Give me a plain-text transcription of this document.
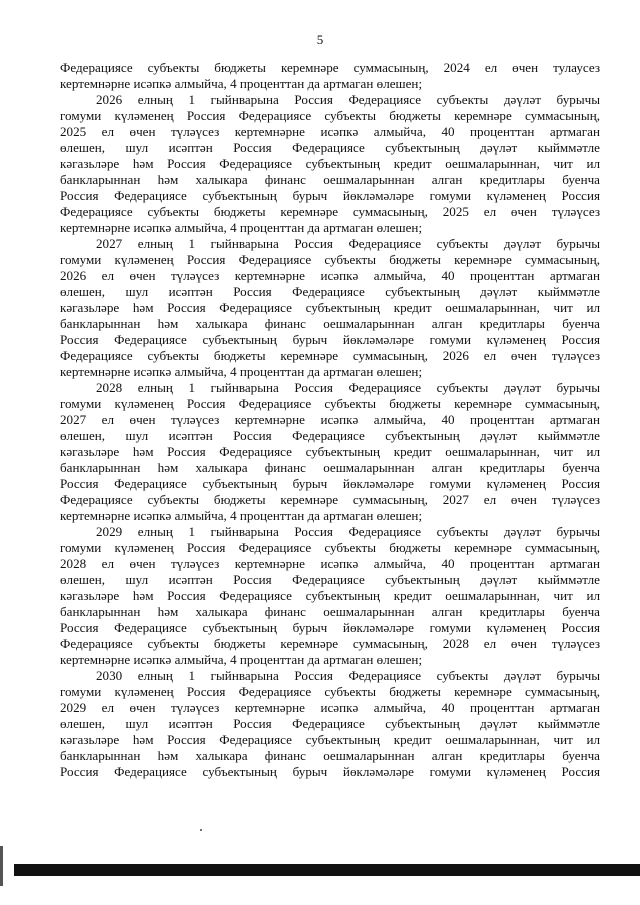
5
Федерациясе субъекты бюджеты керемнәре суммасының, 2024 ел өчен тулаусез
кертемнәрне исәпкә алмыйча, 4 проценттан да артмаган өлешен;
2026 елның 1 гыйнварына Россия Федерациясе субъекты дәүләт бурычы
гомуми күләменең Россия Федерациясе субъекты бюджеты керемнәре суммасының,
2025 ел өчен түләүсез кертемнәрне исәпкә алмыйча, 40 проценттан артмаган
өлешен, шул исәптән Россия Федерациясе субъектының дәүләт кыйммәтле
кәгазьләре һәм Россия Федерациясе субъектының кредит оешмаларыннан, чит ил
банкларыннан һәм халыкара финанс оешмаларыннан алган кредитлары буенча
Россия Федерациясе субъектының бурыч йөкләмәләре гомуми күләменең Россия
Федерациясе субъекты бюджеты керемнәре суммасының, 2025 ел өчен түләүсез
кертемнәрне исәпкә алмыйча, 4 проценттан да артмаган өлешен;
2027 елның 1 гыйнварына Россия Федерациясе субъекты дәүләт бурычы
гомуми күләменең Россия Федерациясе субъекты бюджеты керемнәре суммасының,
2026 ел өчен түләүсез кертемнәрне исәпкә алмыйча, 40 проценттан артмаган
өлешен, шул исәптән Россия Федерациясе субъектының дәүләт кыйммәтле
кәгазьләре һәм Россия Федерациясе субъектының кредит оешмаларыннан, чит ил
банкларыннан һәм халыкара финанс оешмаларыннан алган кредитлары буенча
Россия Федерациясе субъектының бурыч йөкләмәләре гомуми күләменең Россия
Федерациясе субъекты бюджеты керемнәре суммасының, 2026 ел өчен түләүсез
кертемнәрне исәпкә алмыйча, 4 проценттан да артмаган өлешен;
2028 елның 1 гыйнварына Россия Федерациясе субъекты дәүләт бурычы
гомуми күләменең Россия Федерациясе субъекты бюджеты керемнәре суммасының,
2027 ел өчен түләүсез кертемнәрне исәпкә алмыйча, 40 проценттан артмаган
өлешен, шул исәптән Россия Федерациясе субъектының дәүләт кыйммәтле
кәгазьләре һәм Россия Федерациясе субъектының кредит оешмаларыннан, чит ил
банкларыннан һәм халыкара финанс оешмаларыннан алган кредитлары буенча
Россия Федерациясе субъектының бурыч йөкләмәләре гомуми күләменең Россия
Федерациясе субъекты бюджеты керемнәре суммасының, 2027 ел өчен түләүсез
кертемнәрне исәпкә алмыйча, 4 проценттан да артмаган өлешен;
2029 елның 1 гыйнварына Россия Федерациясе субъекты дәүләт бурычы
гомуми күләменең Россия Федерациясе субъекты бюджеты керемнәре суммасының,
2028 ел өчен түләүсез кертемнәрне исәпкә алмыйча, 40 проценттан артмаган
өлешен, шул исәптән Россия Федерациясе субъектының дәүләт кыйммәтле
кәгазьләре һәм Россия Федерациясе субъектының кредит оешмаларыннан, чит ил
банкларыннан һәм халыкара финанс оешмаларыннан алган кредитлары буенча
Россия Федерациясе субъектының бурыч йөкләмәләре гомуми күләменең Россия
Федерациясе субъекты бюджеты керемнәре суммасының, 2028 ел өчен түләүсез
кертемнәрне исәпкә алмыйча, 4 проценттан да артмаган өлешен;
2030 елның 1 гыйнварына Россия Федерациясе субъекты дәүләт бурычы
гомуми күләменең Россия Федерациясе субъекты бюджеты керемнәре суммасының,
2029 ел өчен түләүсез кертемнәрне исәпкә алмыйча, 40 проценттан артмаган
өлешен, шул исәптән Россия Федерациясе субъектының дәүләт кыйммәтле
кәгазьләре һәм Россия Федерациясе субъектының кредит оешмаларыннан, чит ил
банкларыннан һәм халыкара финанс оешмаларыннан алган кредитлары буенча
Россия Федерациясе субъектының бурыч йөкләмәләре гомуми күләменең Россия
